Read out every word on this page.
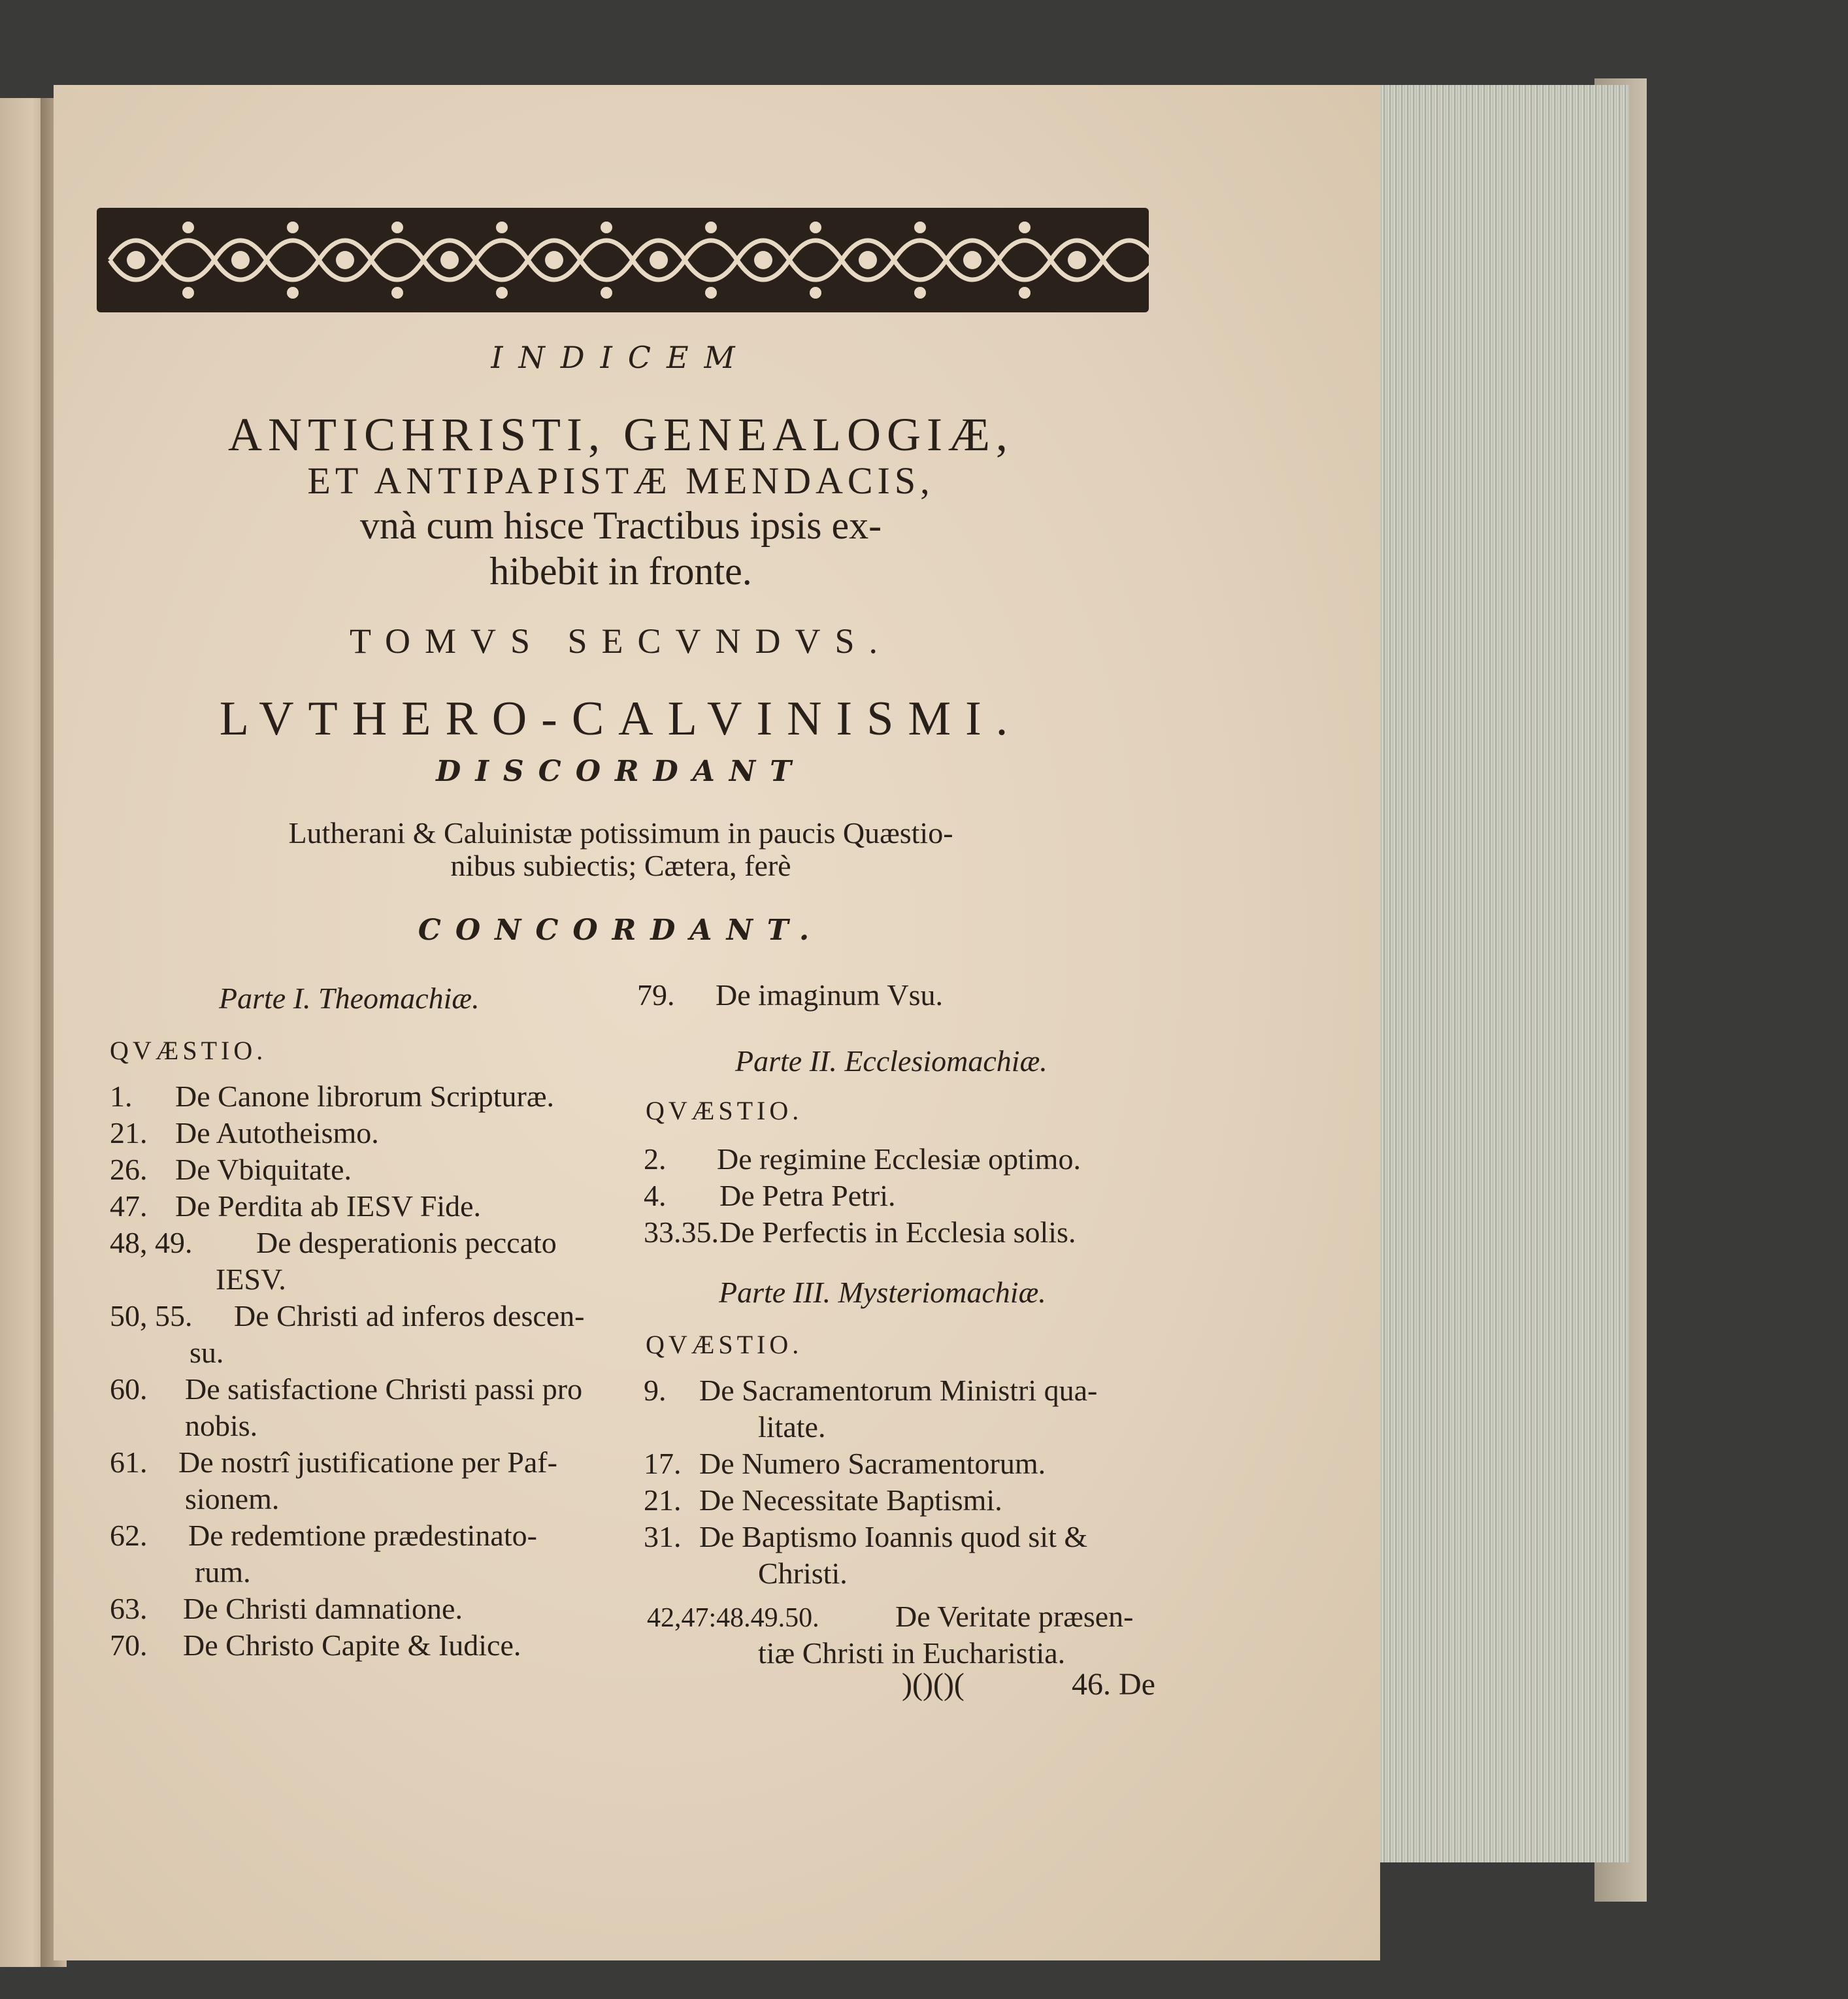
INDICEM
ANTICHRISTI, GENEALOGIÆ,
ET ANTIPAPISTÆ MENDACIS,
vnà cum hisce Tractibus ipsis ex-
hibebit in fronte.
TOMVS SECVNDVS.
LVTHERO-CALVINISMI.
DISCORDANT
Lutherani & Caluinistæ potissimum in paucis Quæstio-
nibus subiectis; Cætera, ferè
CONCORDANT.
Parte I. Theomachiæ.
QVÆSTIO.
1. De Canone librorum Scripturæ.
21. De Autotheismo.
26. De Vbiquitate.
47. De Perdita ab IESV Fide.
48, 49. De desperationis peccato
IESV.
50, 55. De Christi ad inferos descen-
su.
60. De satisfactione Christi passi pro
nobis.
61. De nostrî justificatione per Paf-
sionem.
62. De redemtione prædestinato-
rum.
63. De Christi damnatione.
70. De Christo Capite & Iudice.
79. De imaginum Vsu.
Parte II. Ecclesiomachiæ.
QVÆSTIO.
2. De regimine Ecclesiæ optimo.
4. De Petra Petri.
33.35.De Perfectis in Ecclesia solis.
Parte III. Mysteriomachiæ.
QVÆSTIO.
9. De Sacramentorum Ministri qua-
litate.
17. De Numero Sacramentorum.
21. De Necessitate Baptismi.
31. De Baptismo Ioannis quod sit &
Christi.
42,47:48.49.50.	De Veritate præsen-
tiæ Christi in Eucharistia.
)()()(	46. De
